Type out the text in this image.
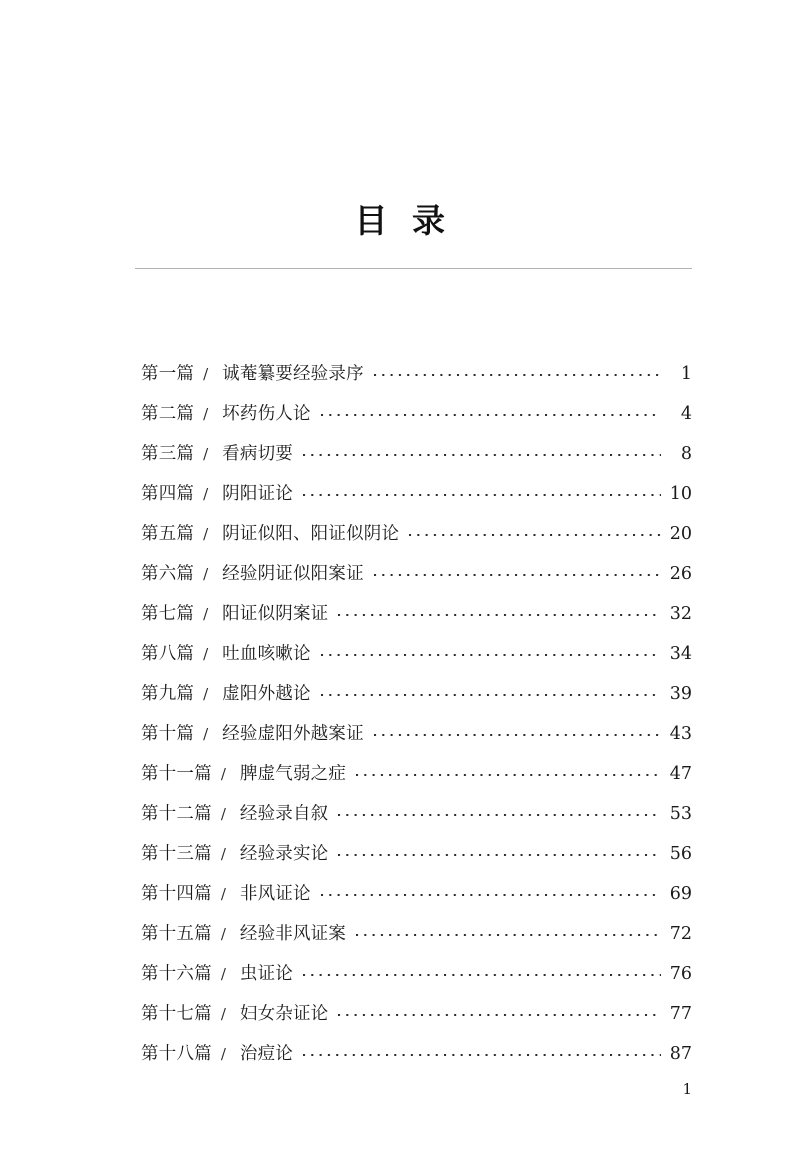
目  录
第一篇 / 诚菴纂要经验录序	1
第二篇 / 坏药伤人论	4
第三篇 / 看病切要	8
第四篇 / 阴阳证论	10
第五篇 / 阴证似阳、阳证似阴论	20
第六篇 / 经验阴证似阳案证	26
第七篇 / 阳证似阴案证	32
第八篇 / 吐血咳嗽论	34
第九篇 / 虚阳外越论	39
第十篇 / 经验虚阳外越案证	43
第十一篇 / 脾虚气弱之症	47
第十二篇 / 经验录自叙	53
第十三篇 / 经验录实论	56
第十四篇 / 非风证论	69
第十五篇 / 经验非风证案	72
第十六篇 / 虫证论	76
第十七篇 / 妇女杂证论	77
第十八篇 / 治痘论	87
1
